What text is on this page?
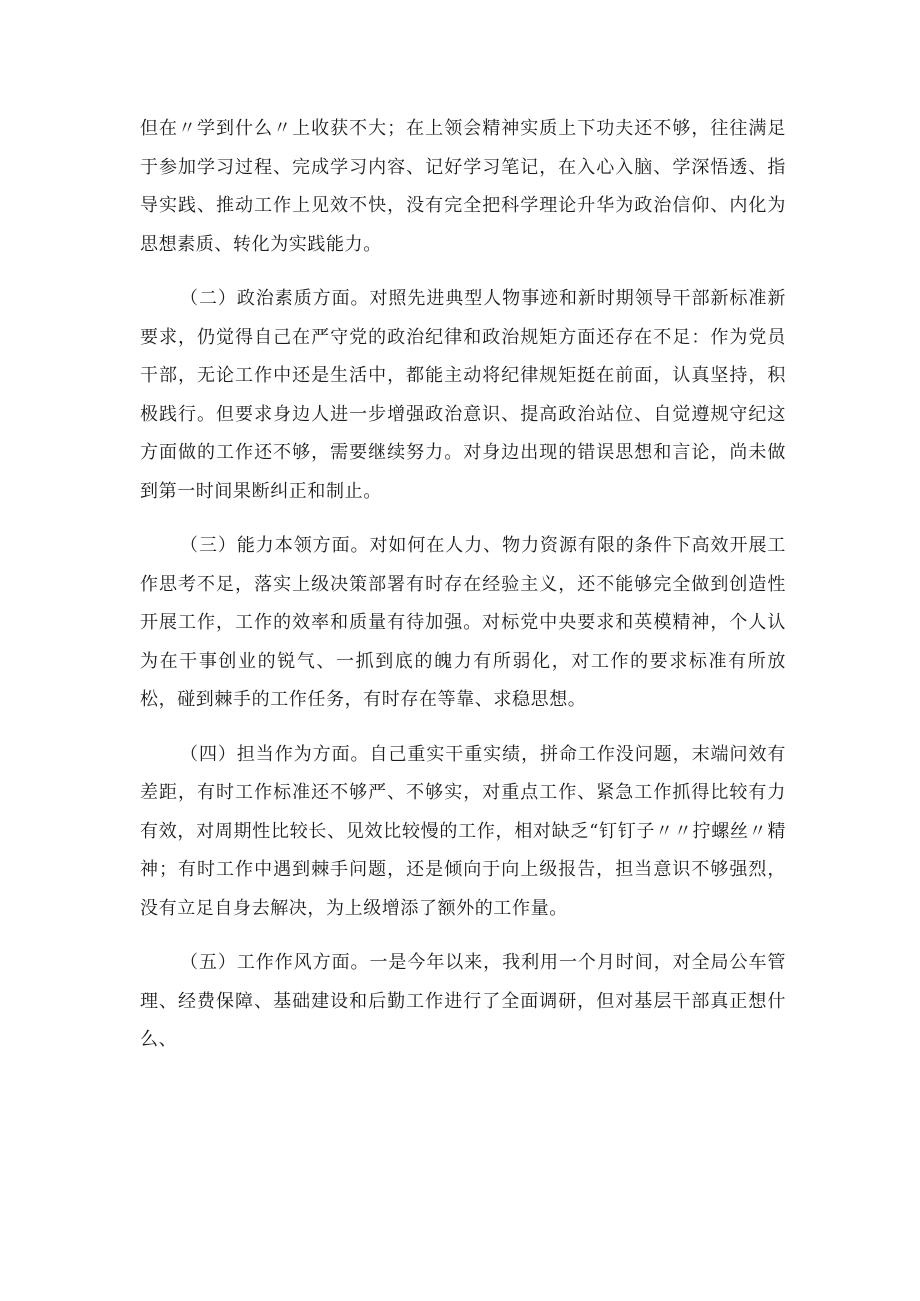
但在〃学到什么〃上收获不大；在上领会精神实质上下功夫还不够，往往满足于参加学习过程、完成学习内容、记好学习笔记，在入心入脑、学深悟透、指导实践、推动工作上见效不快，没有完全把科学理论升华为政治信仰、内化为思想素质、转化为实践能力。

（二）政治素质方面。对照先进典型人物事迹和新时期领导干部新标准新要求，仍觉得自己在严守党的政治纪律和政治规矩方面还存在不足：作为党员干部，无论工作中还是生活中，都能主动将纪律规矩挺在前面，认真坚持，积极践行。但要求身边人进一步增强政治意识、提高政治站位、自觉遵规守纪这方面做的工作还不够，需要继续努力。对身边出现的错误思想和言论，尚未做到第一时间果断纠正和制止。

（三）能力本领方面。对如何在人力、物力资源有限的条件下高效开展工作思考不足，落实上级决策部署有时存在经验主义，还不能够完全做到创造性开展工作，工作的效率和质量有待加强。对标党中央要求和英模精神，个人认为在干事创业的锐气、一抓到底的魄力有所弱化，对工作的要求标准有所放松，碰到棘手的工作任务，有时存在等靠、求稳思想。

（四）担当作为方面。自己重实干重实绩，拼命工作没问题，末端问效有差距，有时工作标准还不够严、不够实，对重点工作、紧急工作抓得比较有力有效，对周期性比较长、见效比较慢的工作，相对缺乏“钉钉子〃〃拧螺丝〃精神；有时工作中遇到棘手问题，还是倾向于向上级报告，担当意识不够强烈，没有立足自身去解决，为上级增添了额外的工作量。

（五）工作作风方面。一是今年以来，我利用一个月时间，对全局公车管理、经费保障、基础建设和后勤工作进行了全面调研，但对基层干部真正想什么、
